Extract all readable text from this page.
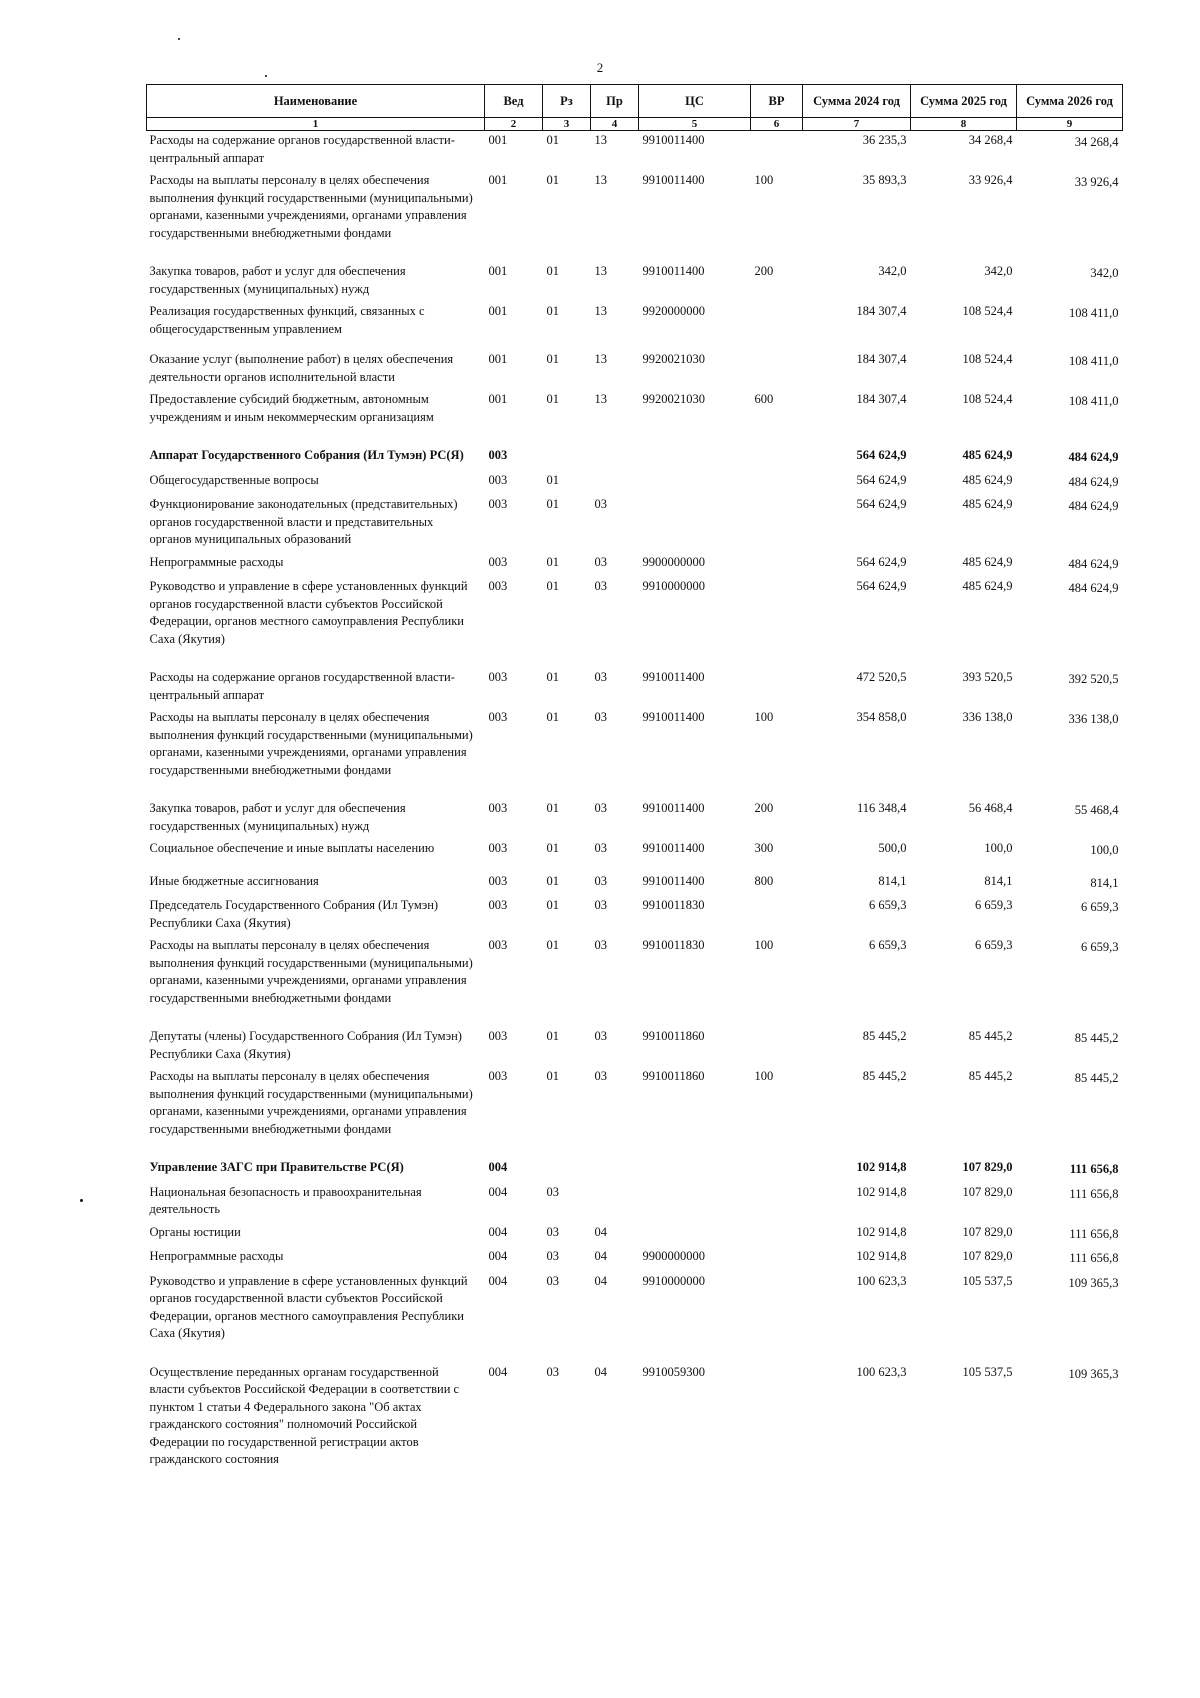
2
Наименование	Вед	Рз	Пр	ЦС	ВР	Сумма 2024 год	Сумма 2025 год	Сумма 2026 год
1	2	3	4	5	6	7	8	9
Расходы на содержание органов государственной власти- центральный аппарат	001	01	13	9910011400		36 235,3	34 268,4	34 268,4
Расходы на выплаты персоналу в целях обеспечения выполнения функций государственными (муниципальными) органами, казенными учреждениями, органами управления государственными внебюджетными фондами	001	01	13	9910011400	100	35 893,3	33 926,4	33 926,4
Закупка товаров, работ и услуг для обеспечения государственных (муниципальных) нужд	001	01	13	9910011400	200	342,0	342,0	342,0
Реализация государственных функций, связанных с общегосударственным управлением	001	01	13	9920000000		184 307,4	108 524,4	108 411,0
Оказание услуг (выполнение работ) в целях обеспечения деятельности органов исполнительной власти	001	01	13	9920021030		184 307,4	108 524,4	108 411,0
Предоставление субсидий бюджетным, автономным учреждениям и иным некоммерческим организациям	001	01	13	9920021030	600	184 307,4	108 524,4	108 411,0
Аппарат Государственного Собрания (Ил Тумэн) РС(Я)	003					564 624,9	485 624,9	484 624,9
Общегосударственные вопросы	003	01				564 624,9	485 624,9	484 624,9
Функционирование законодательных (представительных) органов государственной власти и представительных органов муниципальных образований	003	01	03			564 624,9	485 624,9	484 624,9
Непрограммные расходы	003	01	03	9900000000		564 624,9	485 624,9	484 624,9
Руководство и управление в сфере установленных функций органов государственной власти субъектов Российской Федерации, органов местного самоуправления Республики Саха (Якутия)	003	01	03	9910000000		564 624,9	485 624,9	484 624,9
Расходы на содержание органов государственной власти- центральный аппарат	003	01	03	9910011400		472 520,5	393 520,5	392 520,5
Расходы на выплаты персоналу в целях обеспечения выполнения функций государственными (муниципальными) органами, казенными учреждениями, органами управления государственными внебюджетными фондами	003	01	03	9910011400	100	354 858,0	336 138,0	336 138,0
Закупка товаров, работ и услуг для обеспечения государственных (муниципальных) нужд	003	01	03	9910011400	200	116 348,4	56 468,4	55 468,4
Социальное обеспечение и иные выплаты населению	003	01	03	9910011400	300	500,0	100,0	100,0
Иные бюджетные ассигнования	003	01	03	9910011400	800	814,1	814,1	814,1
Председатель Государственного Собрания (Ил Тумэн) Республики Саха (Якутия)	003	01	03	9910011830		6 659,3	6 659,3	6 659,3
Расходы на выплаты персоналу в целях обеспечения выполнения функций государственными (муниципальными) органами, казенными учреждениями, органами управления государственными внебюджетными фондами	003	01	03	9910011830	100	6 659,3	6 659,3	6 659,3
Депутаты (члены) Государственного Собрания (Ил Тумэн) Республики Саха (Якутия)	003	01	03	9910011860		85 445,2	85 445,2	85 445,2
Расходы на выплаты персоналу в целях обеспечения выполнения функций государственными (муниципальными) органами, казенными учреждениями, органами управления государственными внебюджетными фондами	003	01	03	9910011860	100	85 445,2	85 445,2	85 445,2
Управление ЗАГС при Правительстве РС(Я)	004					102 914,8	107 829,0	111 656,8
Национальная безопасность и правоохранительная деятельность	004	03				102 914,8	107 829,0	111 656,8
Органы юстиции	004	03	04			102 914,8	107 829,0	111 656,8
Непрограммные расходы	004	03	04	9900000000		102 914,8	107 829,0	111 656,8
Руководство и управление в сфере установленных функций органов государственной власти субъектов Российской Федерации, органов местного самоуправления Республики Саха (Якутия)	004	03	04	9910000000		100 623,3	105 537,5	109 365,3
Осуществление переданных органам государственной власти субъектов Российской Федерации в соответствии с пунктом 1 статьи 4 Федерального закона "Об актах гражданского состояния" полномочий Российской Федерации по государственной регистрации актов гражданского состояния	004	03	04	9910059300		100 623,3	105 537,5	109 365,3
